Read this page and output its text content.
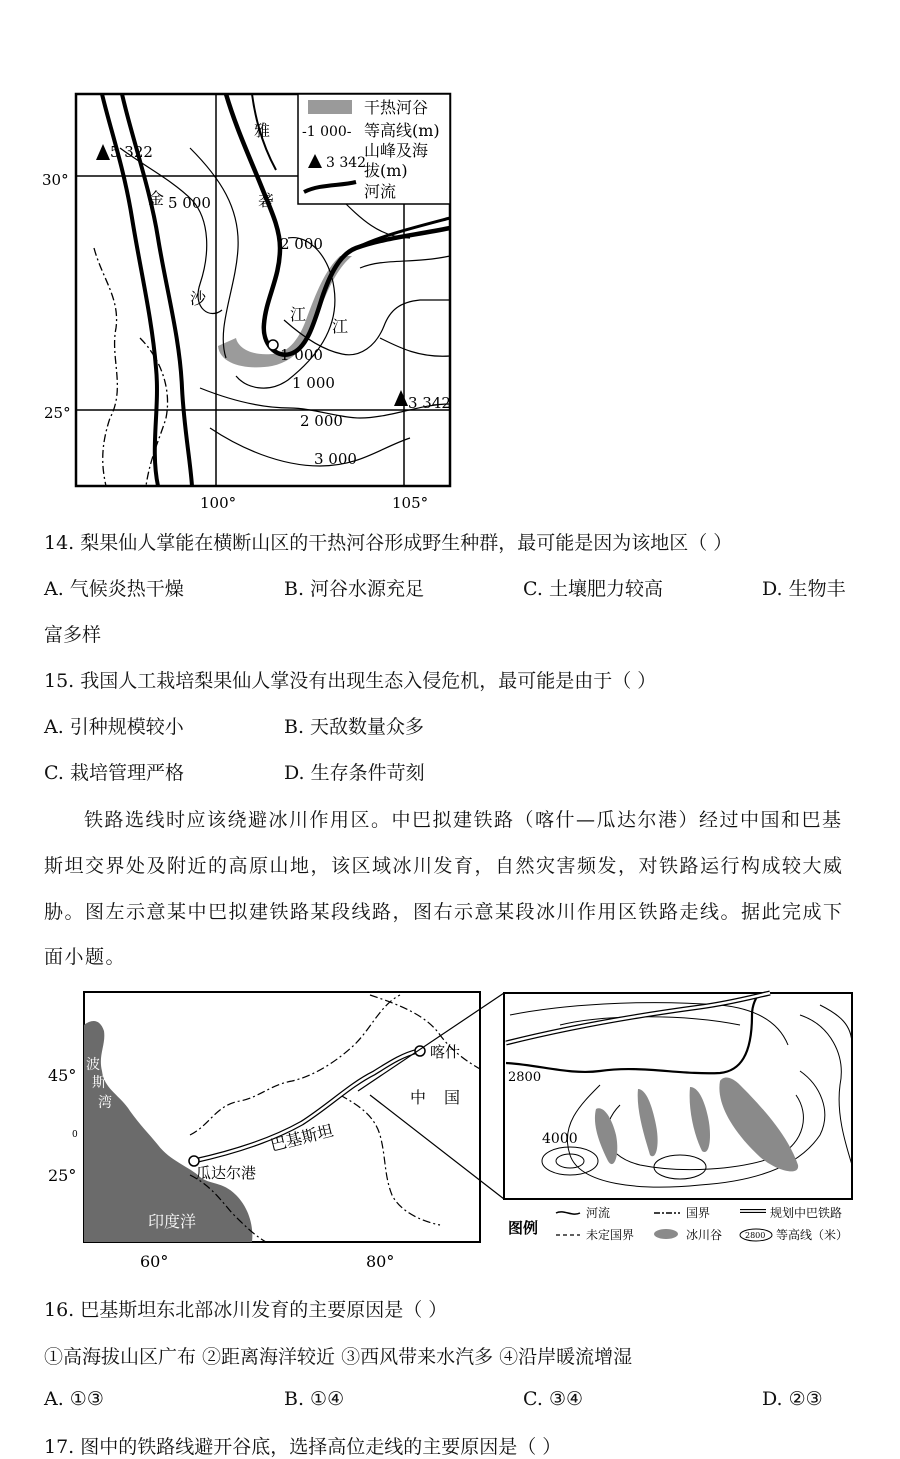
干热河谷
-1 000- 等高线(m)
3 342
山峰及海
拔(m)
河流
30°
25°
100°	105°
5 322
3 342
5 000
2 000
1 000
1 000
2 000
3 000
雅
砻
金
沙
江
江
14. 梨果仙人掌能在横断山区的干热河谷形成野生种群，最可能是因为该地区（ ）
A. 气候炎热干燥	B. 河谷水源充足	C. 土壤肥力较高	D. 生物丰
富多样
15. 我国人工栽培梨果仙人掌没有出现生态入侵危机，最可能是由于（ ）
A. 引种规模较小	B. 天敌数量众多
C. 栽培管理严格	D. 生存条件苛刻
铁路选线时应该绕避冰川作用区。中巴拟建铁路（喀什—瓜达尔港）经过中国和巴基
斯坦交界处及附近的高原山地，该区域冰川发育，自然灾害频发，对铁路运行构成较大威
胁。图左示意某中巴拟建铁路某段线路，图右示意某段冰川作用区铁路走线。据此完成下
面小题。
45°
0
25°
60°	80°
喀什
中 国
巴基斯坦
瓜达尔港
印度洋
波
斯
湾
2800
4000
图例
河流	国界	规划中巴铁路
未定国界	冰川谷	2800 等高线（米）
16. 巴基斯坦东北部冰川发育的主要原因是（ ）
①高海拔山区广布 ②距离海洋较近 ③西风带来水汽多 ④沿岸暖流增湿
A. ①③	B. ①④	C. ③④	D. ②③
17. 图中的铁路线避开谷底，选择高位走线的主要原因是（ ）
